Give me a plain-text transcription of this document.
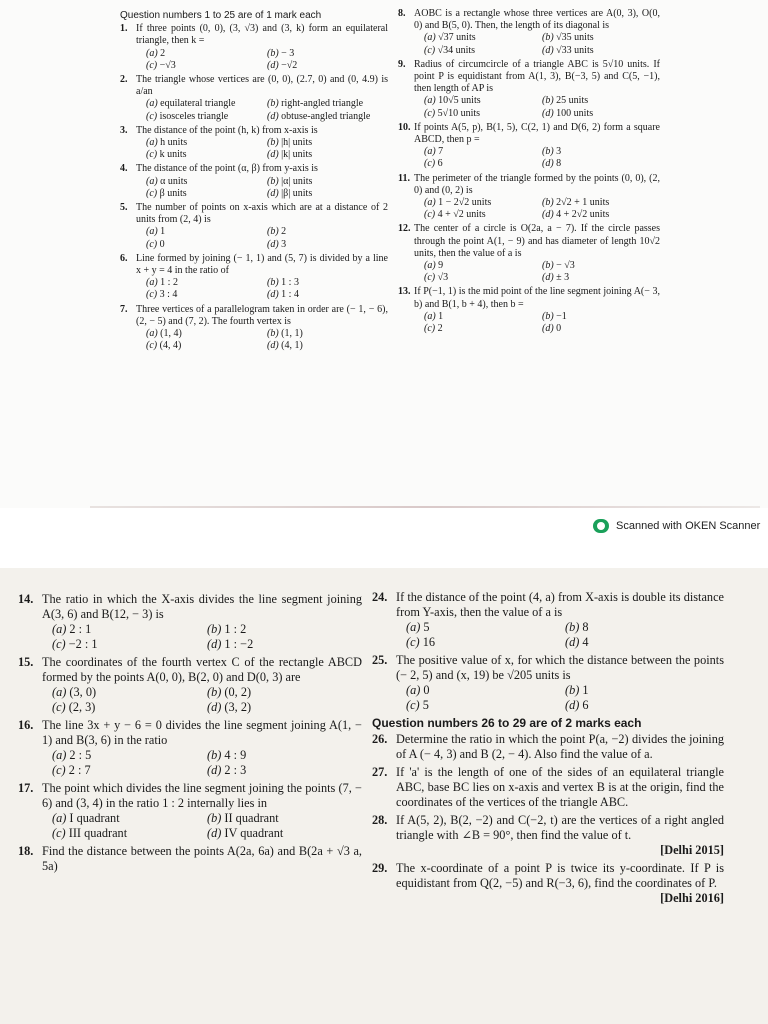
Question numbers 1 to 25 are of 1 mark each
1. If three points (0, 0), (3, √3) and (3, k) form an equilateral triangle, then k =
(a) 2	(b) − 3
(c) −√3	(d) −√2
2. The triangle whose vertices are (0, 0), (2.7, 0) and (0, 4.9) is a/an
(a) equilateral triangle	(b) right-angled triangle
(c) isosceles triangle	(d) obtuse-angled triangle
3. The distance of the point (h, k) from x-axis is
(a) h units	(b) |h| units
(c) k units	(d) |k| units
4. The distance of the point (α, β) from y-axis is
(a) α units	(b) |α| units
(c) β units	(d) |β| units
5. The number of points on x-axis which are at a distance of 2 units from (2, 4) is
(a) 1	(b) 2
(c) 0	(d) 3
6. Line formed by joining (− 1, 1) and (5, 7) is divided by a line x + y = 4 in the ratio of
(a) 1 : 2	(b) 1 : 3
(c) 3 : 4	(d) 1 : 4
7. Three vertices of a parallelogram taken in order are (− 1, − 6), (2, − 5) and (7, 2). The fourth vertex is
(a) (1, 4)	(b) (1, 1)
(c) (4, 4)	(d) (4, 1)
8. AOBC is a rectangle whose three vertices are A(0, 3), O(0, 0) and B(5, 0). Then, the length of its diagonal is
(a) √37 units	(b) √35 units
(c) √34 units	(d) √33 units
9. Radius of circumcircle of a triangle ABC is 5√10 units. If point P is equidistant from A(1, 3), B(−3, 5) and C(5, −1), then length of AP is
(a) 10√5 units	(b) 25 units
(c) 5√10 units	(d) 100 units
10. If points A(5, p), B(1, 5), C(2, 1) and D(6, 2) form a square ABCD, then p =
(a) 7	(b) 3
(c) 6	(d) 8
11. The perimeter of the triangle formed by the points (0, 0), (2, 0) and (0, 2) is
(a) 1 − 2√2 units	(b) 2√2 + 1 units
(c) 4 + √2 units	(d) 4 + 2√2 units
12. The center of a circle is O(2a, a − 7). If the circle passes through the point A(1, − 9) and has diameter of length 10√2 units, then the value of a is
(a) 9	(b) − √3
(c) √3	(d) ± 3
13. If P(−1, 1) is the mid point of the line segment joining A(− 3, b) and B(1, b + 4), then b =
(a) 1	(b) −1
(c) 2	(d) 0
Scanned with OKEN Scanner
14. The ratio in which the X-axis divides the line segment joining A(3, 6) and B(12, − 3) is
(a) 2 : 1	(b) 1 : 2
(c) −2 : 1	(d) 1 : −2
15. The coordinates of the fourth vertex C of the rectangle ABCD formed by the points A(0, 0), B(2, 0) and D(0, 3) are
(a) (3, 0)	(b) (0, 2)
(c) (2, 3)	(d) (3, 2)
16. The line 3x + y − 6 = 0 divides the line segment joining A(1, − 1) and B(3, 6) in the ratio
(a) 2 : 5	(b) 4 : 9
(c) 2 : 7	(d) 2 : 3
17. The point which divides the line segment joining the points (7, − 6) and (3, 4) in the ratio 1 : 2 internally lies in
(a) I quadrant	(b) II quadrant
(c) III quadrant	(d) IV quadrant
18. Find the distance between the points A(2a, 6a) and B(2a + √3 a, 5a)
24. If the distance of the point (4, a) from X-axis is double its distance from Y-axis, then the value of a is
(a) 5	(b) 8
(c) 16	(d) 4
25. The positive value of x, for which the distance between the points (− 2, 5) and (x, 19) be √205 units is
(a) 0	(b) 1
(c) 5	(d) 6
Question numbers 26 to 29 are of 2 marks each
26. Determine the ratio in which the point P(a, −2) divides the joining of A (− 4, 3) and B (2, − 4). Also find the value of a.
27. If 'a' is the length of one of the sides of an equilateral triangle ABC, base BC lies on x-axis and vertex B is at the origin, find the coordinates of the vertices of the triangle ABC.
28. If A(5, 2), B(2, −2) and C(−2, t) are the vertices of a right angled triangle with ∠B = 90°, then find the value of t.
[Delhi 2015]
29. The x-coordinate of a point P is twice its y-coordinate. If P is equidistant from Q(2, −5) and R(−3, 6), find the coordinates of P.
[Delhi 2016]
